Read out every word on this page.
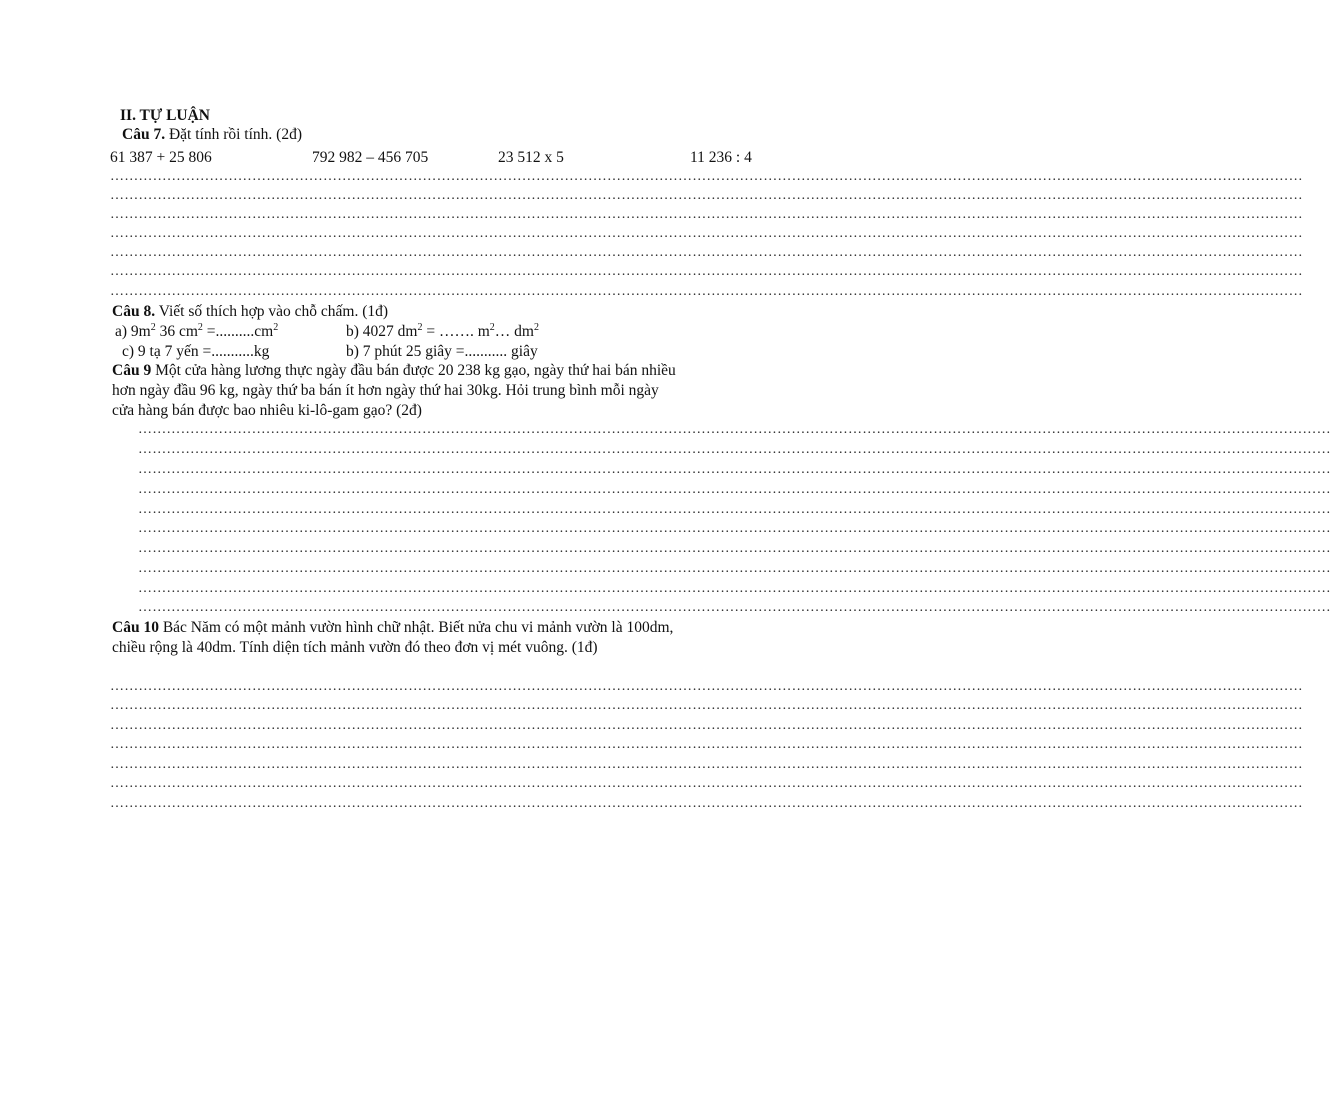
II. TỰ LUẬN
Câu 7. Đặt tính rồi tính. (2đ)
61 387 + 25 806	792 982 – 456 705	23 512 x 5	11 236 : 4
………………………………………………………………………………………………………………………………………………………………………………………………………………………………
………………………………………………………………………………………………………………………………………………………………………………………………………………………………
………………………………………………………………………………………………………………………………………………………………………………………………………………………………
………………………………………………………………………………………………………………………………………………………………………………………………………………………………
………………………………………………………………………………………………………………………………………………………………………………………………………………………………
………………………………………………………………………………………………………………………………………………………………………………………………………………………………
………………………………………………………………………………………………………………………………………………………………………………………………………………………………
Câu 8. Viết số thích hợp vào chỗ chấm. (1đ)
a) $9m^2$ 36 $cm^2 =..........cm^2$	b) 4027 $dm^2$ = ……. $m^2\dots$ $dm^2$
c) 9 tạ 7 yến =...........kg	b) 7 phút 25 giây =........... giây
Câu 9 Một cửa hàng lương thực ngày đầu bán được 20 238 kg gạo, ngày thứ hai bán nhiều
hơn ngày đầu 96 kg, ngày thứ ba bán ít hơn ngày thứ hai 30kg. Hỏi trung bình mỗi ngày
cửa hàng bán được bao nhiêu ki-lô-gam gạo? (2đ)
………………………………………………………………………………………………………………………………………………………………………………………………………………………………
………………………………………………………………………………………………………………………………………………………………………………………………………………………………
………………………………………………………………………………………………………………………………………………………………………………………………………………………………
………………………………………………………………………………………………………………………………………………………………………………………………………………………………
………………………………………………………………………………………………………………………………………………………………………………………………………………………………
………………………………………………………………………………………………………………………………………………………………………………………………………………………………
………………………………………………………………………………………………………………………………………………………………………………………………………………………………
………………………………………………………………………………………………………………………………………………………………………………………………………………………………
………………………………………………………………………………………………………………………………………………………………………………………………………………………………
………………………………………………………………………………………………………………………………………………………………………………………………………………………………
Câu 10 Bác Năm có một mảnh vườn hình chữ nhật. Biết nửa chu vi mảnh vườn là 100dm,
chiều rộng là 40dm. Tính diện tích mảnh vườn đó theo đơn vị mét vuông. (1đ)
………………………………………………………………………………………………………………………………………………………………………………………………………………………………
………………………………………………………………………………………………………………………………………………………………………………………………………………………………
………………………………………………………………………………………………………………………………………………………………………………………………………………………………
………………………………………………………………………………………………………………………………………………………………………………………………………………………………
………………………………………………………………………………………………………………………………………………………………………………………………………………………………
………………………………………………………………………………………………………………………………………………………………………………………………………………………………
………………………………………………………………………………………………………………………………………………………………………………………………………………………………
